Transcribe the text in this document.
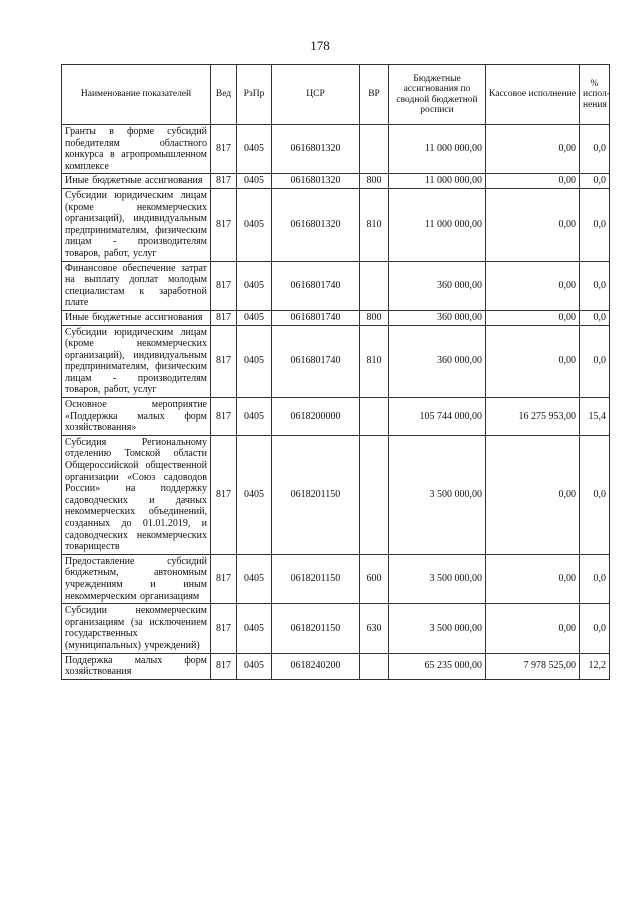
178
Наименование показателей	Вед	РзПр	ЦСР	ВР	Бюджетные ассигнования по сводной бюджетной росписи	Кассовое исполнение	% испол-нения
Гранты в форме субсидий победителям областного конкурса в агропромышленном комплексе	817	0405	0616801320		11 000 000,00	0,00	0,0
Иные бюджетные ассигнования	817	0405	0616801320	800	11 000 000,00	0,00	0,0
Субсидии юридическим лицам (кроме некоммерческих организаций), индивидуальным предпринимателям, физическим лицам - производителям товаров, работ, услуг	817	0405	0616801320	810	11 000 000,00	0,00	0,0
Финансовое обеспечение затрат на выплату доплат молодым специалистам к заработной плате	817	0405	0616801740		360 000,00	0,00	0,0
Иные бюджетные ассигнования	817	0405	0616801740	800	360 000,00	0,00	0,0
Субсидии юридическим лицам (кроме некоммерческих организаций), индивидуальным предпринимателям, физическим лицам - производителям товаров, работ, услуг	817	0405	0616801740	810	360 000,00	0,00	0,0
Основное мероприятие «Поддержка малых форм хозяйствования»	817	0405	0618200000		105 744 000,00	16 275 953,00	15,4
Субсидия Региональному отделению Томской области Общероссийской общественной организации «Союз садоводов России» на поддержку садоводческих и дачных некоммерческих объединений, созданных до 01.01.2019, и садоводческих некоммерческих товариществ	817	0405	0618201150		3 500 000,00	0,00	0,0
Предоставление субсидий бюджетным, автономным учреждениям и иным некоммерческим организациям	817	0405	0618201150	600	3 500 000,00	0,00	0,0
Субсидии некоммерческим организациям (за исключением государственных (муниципальных) учреждений)	817	0405	0618201150	630	3 500 000,00	0,00	0,0
Поддержка малых форм хозяйствования	817	0405	0618240200		65 235 000,00	7 978 525,00	12,2
